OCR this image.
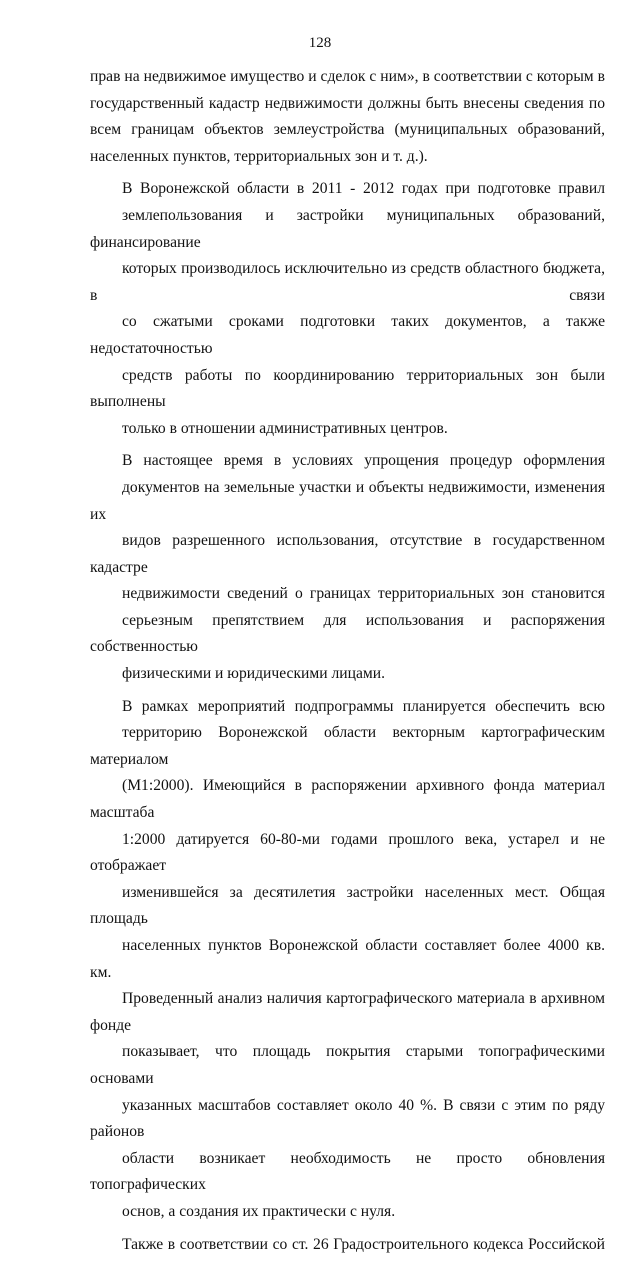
128

прав на недвижимое имущество и сделок с ним», в соответствии с которым в
государственный кадастр недвижимости должны быть внесены сведения по
всем границам объектов землеустройства (муниципальных образований,
населенных пунктов, территориальных зон и т. д.).

В Воронежской области в 2011 - 2012 годах при подготовке правил
землепользования и застройки муниципальных образований, финансирование
которых производилось исключительно из средств областного бюджета, в связи
со сжатыми сроками подготовки таких документов, а также недостаточностью
средств работы по координированию территориальных зон были выполнены
только в отношении административных центров.

В настоящее время в условиях упрощения процедур оформления
документов на земельные участки и объекты недвижимости, изменения их
видов разрешенного использования, отсутствие в государственном кадастре
недвижимости сведений о границах территориальных зон становится
серьезным препятствием для использования и распоряжения собственностью
физическими и юридическими лицами.

В рамках мероприятий подпрограммы планируется обеспечить всю
территорию Воронежской области векторным картографическим материалом
(М1:2000). Имеющийся в распоряжении архивного фонда материал масштаба
1:2000 датируется 60-80-ми годами прошлого века, устарел и не отображает
изменившейся за десятилетия застройки населенных мест. Общая площадь
населенных пунктов Воронежской области составляет более 4000 кв. км.
Проведенный анализ наличия картографического материала в архивном фонде
показывает, что площадь покрытия старыми топографическими основами
указанных масштабов составляет около 40 %. В связи с этим по ряду районов
области возникает необходимость не просто обновления топографических
основ, а создания их практически с нуля.

Также в соответствии со ст. 26 Градостроительного кодекса Российской
